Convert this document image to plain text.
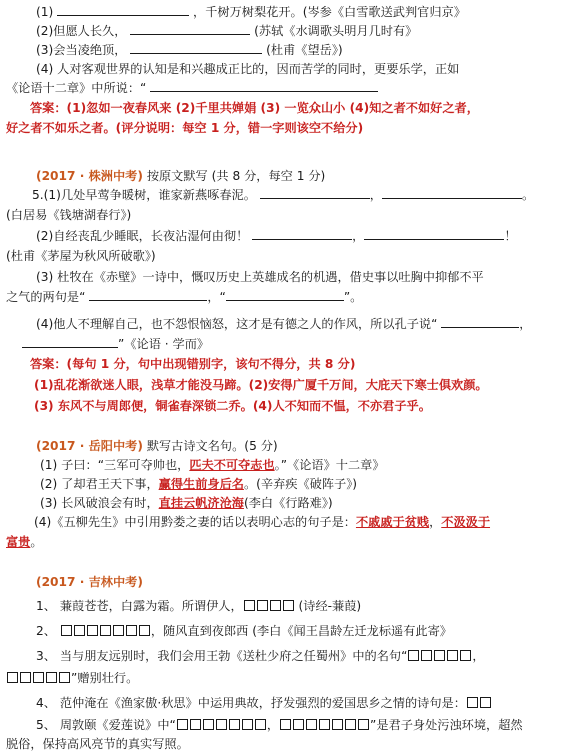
(1)	，千树万树梨花开。(岑参《白雪歌送武判官归京》
(2)但愿人长久，	(苏轼《水调歌头明月几时有》
(3)会当凌绝顶，	(杜甫《望岳》)
(4) 人对客观世界的认知是和兴趣成正比的，因而苦学的同时，更要乐学，正如
《论语十二章》中所说：“
答案：(1)忽如一夜春风来 (2)千里共婵娟 (3) 一览众山小 (4)知之者不如好之者，
好之者不如乐之者。(评分说明：每空 1 分，错一字则该空不给分)
(2017 · 株洲中考) 按原文默写 (共 8 分，每空 1 分)
5.(1)几处早莺争暖树，谁家新燕啄春泥。	，	。
(白居易《钱塘湖春行》)
(2)自经丧乱少睡眠，长夜沾湿何由彻！	，	！
(杜甫《茅屋为秋风所破歌》)
(3) 杜牧在《赤壁》一诗中，慨叹历史上英雄成名的机遇，借史事以吐胸中抑郁不平
之气的两句是“	，“	”。
(4)他人不理解自己，也不怨恨恼怒，这才是有德之人的作风，所以孔子说“	，
”《论语 · 学而》
答案：(每句 1 分，句中出现错别字，该句不得分，共 8 分)
(1)乱花渐欲迷人眼，浅草才能没马蹄。(2)安得广厦千万间，大庇天下寒士俱欢颜。
(3) 东风不与周郎便，铜雀春深锁二乔。(4)人不知而不愠，不亦君子乎。
(2017 · 岳阳中考) 默写古诗文名句。(5 分)
(1) 子曰：“三军可夺帅也，匹夫不可夺志也。”《论语》十二章》
(2) 了却君王天下事，赢得生前身后名。(辛弃疾《破阵子》)
(3) 长风破浪会有时，直挂云帆济沧海(李白《行路难》)
(4)《五柳先生》中引用黔娄之妻的话以表明心志的句子是：不戚戚于贫贱，不汲汲于
富贵。
(2017 · 吉林中考)
1、 蒹葭苍苍，白露为霜。所谓伊人，	(诗经-蒹葭)
2、	，随风直到夜郎西 (李白《闻王昌龄左迁龙标遥有此寄》
3、 当与朋友远别时，我们会用王勃《送杜少府之任蜀州》中的名句“	，
”赠别壮行。
4、 范仲淹在《渔家傲·秋思》中运用典故，抒发强烈的爱国思乡之情的诗句是：
5、 周敦颐《爱莲说》中“	，	”是君子身处污浊环境，超然
脱俗，保持高风亮节的真实写照。
